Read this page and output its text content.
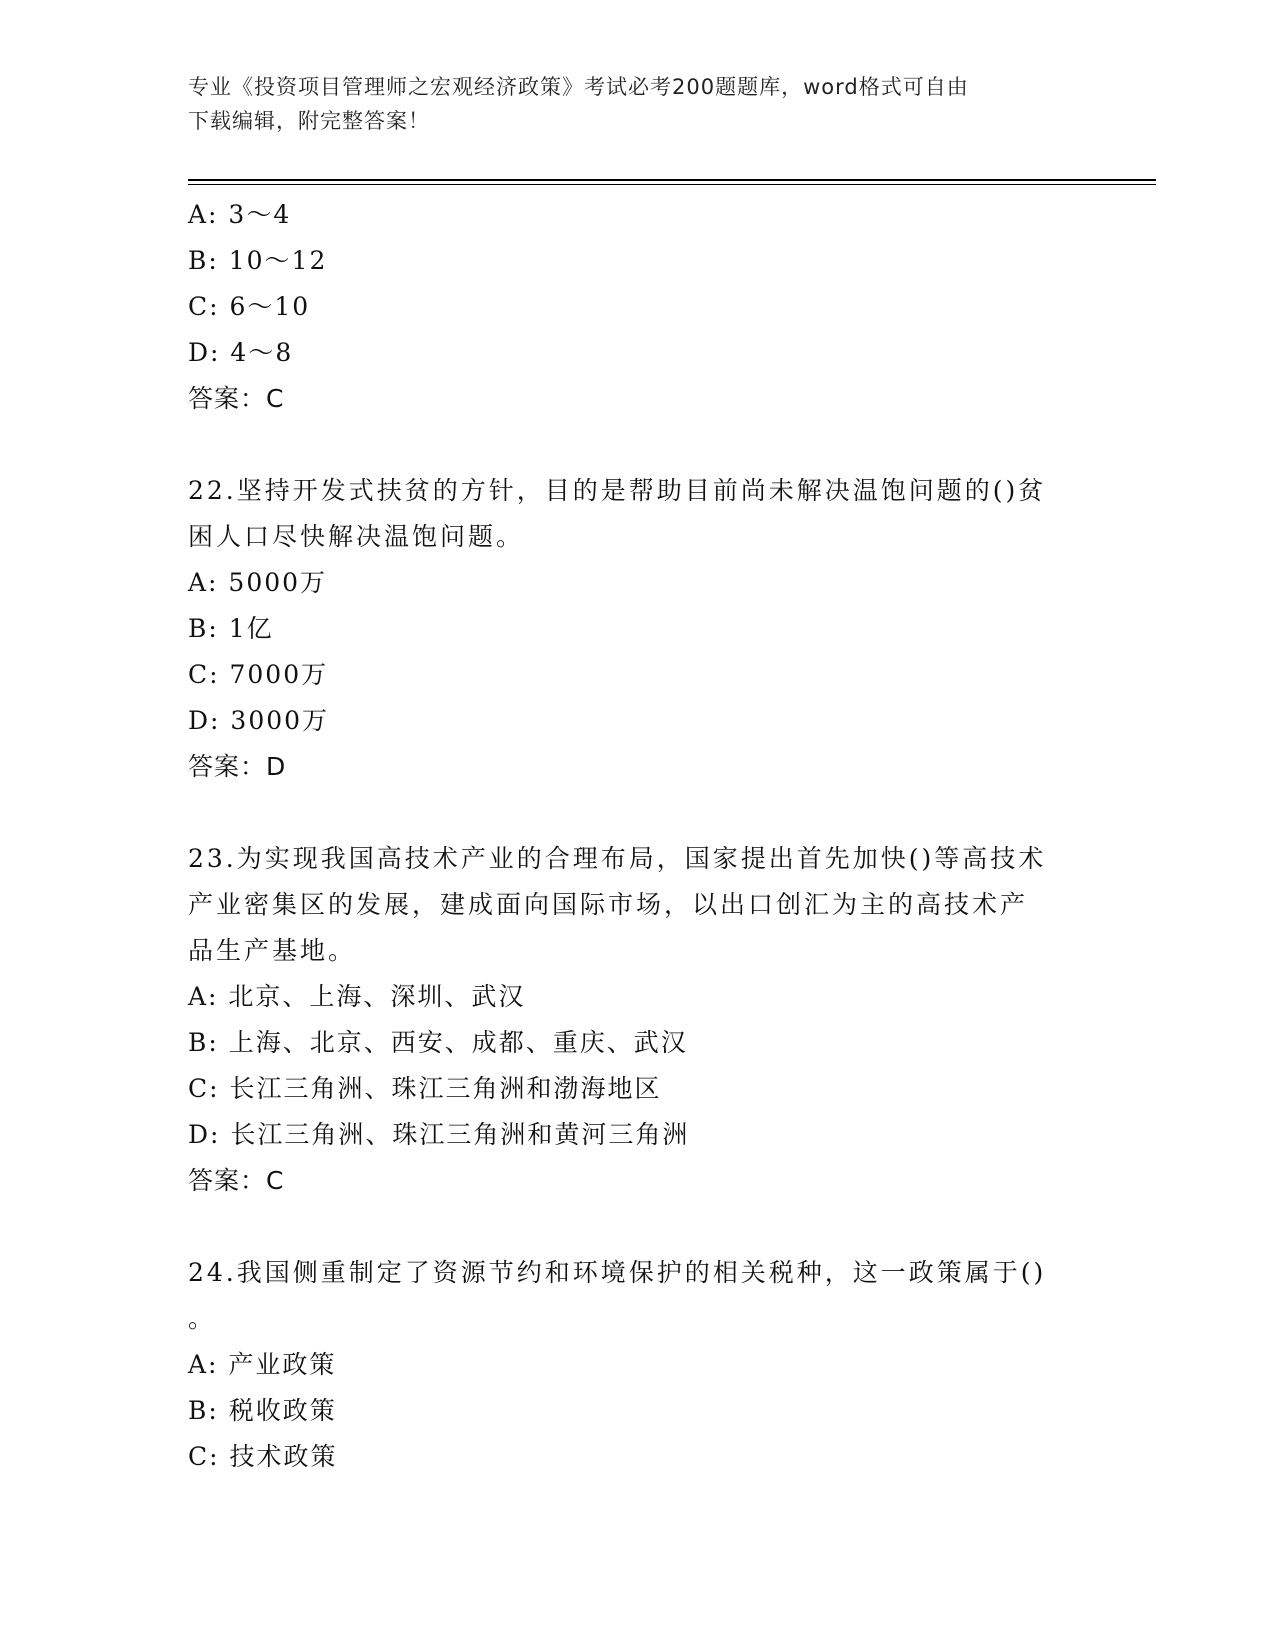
专业《投资项目管理师之宏观经济政策》考试必考200题题库，word格式可自由
下载编辑，附完整答案！
A: 3～4
B: 10～12
C: 6～10
D: 4～8
答案：C
22.坚持开发式扶贫的方针，目的是帮助目前尚未解决温饱问题的()贫
困人口尽快解决温饱问题。
A: 5000万
B: 1亿
C: 7000万
D: 3000万
答案：D
23.为实现我国高技术产业的合理布局，国家提出首先加快()等高技术
产业密集区的发展，建成面向国际市场，以出口创汇为主的高技术产
品生产基地。
A: 北京、上海、深圳、武汉
B: 上海、北京、西安、成都、重庆、武汉
C: 长江三角洲、珠江三角洲和渤海地区
D: 长江三角洲、珠江三角洲和黄河三角洲
答案：C
24.我国侧重制定了资源节约和环境保护的相关税种，这一政策属于()
。
A: 产业政策
B: 税收政策
C: 技术政策
